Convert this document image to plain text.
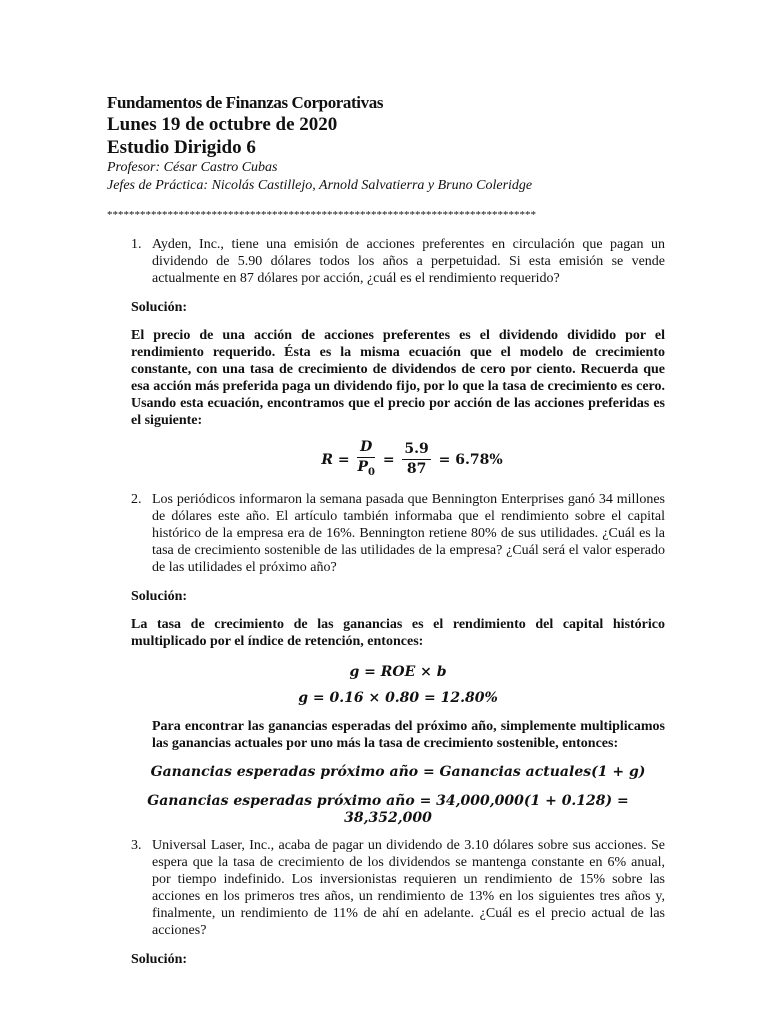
Fundamentos de Finanzas Corporativas
Lunes 19 de octubre de 2020
Estudio Dirigido 6
Profesor: César Castro Cubas
Jefes de Práctica: Nicolás Castillejo, Arnold Salvatierra y Bruno Coleridge
******************************************************************************
1. Ayden, Inc., tiene una emisión de acciones preferentes en circulación que pagan un dividendo de 5.90 dólares todos los años a perpetuidad. Si esta emisión se vende actualmente en 87 dólares por acción, ¿cuál es el rendimiento requerido?
Solución:
El precio de una acción de acciones preferentes es el dividendo dividido por el rendimiento requerido. Ésta es la misma ecuación que el modelo de crecimiento constante, con una tasa de crecimiento de dividendos de cero por ciento. Recuerda que esa acción más preferida paga un dividendo fijo, por lo que la tasa de crecimiento es cero. Usando esta ecuación, encontramos que el precio por acción de las acciones preferidas es el siguiente:
$R = \frac{D}{P_0} = \frac{5.9}{87} = 6.78\%$
2. Los periódicos informaron la semana pasada que Bennington Enterprises ganó 34 millones de dólares este año. El artículo también informaba que el rendimiento sobre el capital histórico de la empresa era de 16%. Bennington retiene 80% de sus utilidades. ¿Cuál es la tasa de crecimiento sostenible de las utilidades de la empresa? ¿Cuál será el valor esperado de las utilidades el próximo año?
Solución:
La tasa de crecimiento de las ganancias es el rendimiento del capital histórico multiplicado por el índice de retención, entonces:
g = ROE × b
g = 0.16 × 0.80 = 12.80%
Para encontrar las ganancias esperadas del próximo año, simplemente multiplicamos las ganancias actuales por uno más la tasa de crecimiento sostenible, entonces:
Ganancias esperadas próximo año = Ganancias actuales(1 + g)
Ganancias esperadas próximo año = 34,000,000(1 + 0.128) = 38,352,000
3. Universal Laser, Inc., acaba de pagar un dividendo de 3.10 dólares sobre sus acciones. Se espera que la tasa de crecimiento de los dividendos se mantenga constante en 6% anual, por tiempo indefinido. Los inversionistas requieren un rendimiento de 15% sobre las acciones en los primeros tres años, un rendimiento de 13% en los siguientes tres años y, finalmente, un rendimiento de 11% de ahí en adelante. ¿Cuál es el precio actual de las acciones?
Solución:
